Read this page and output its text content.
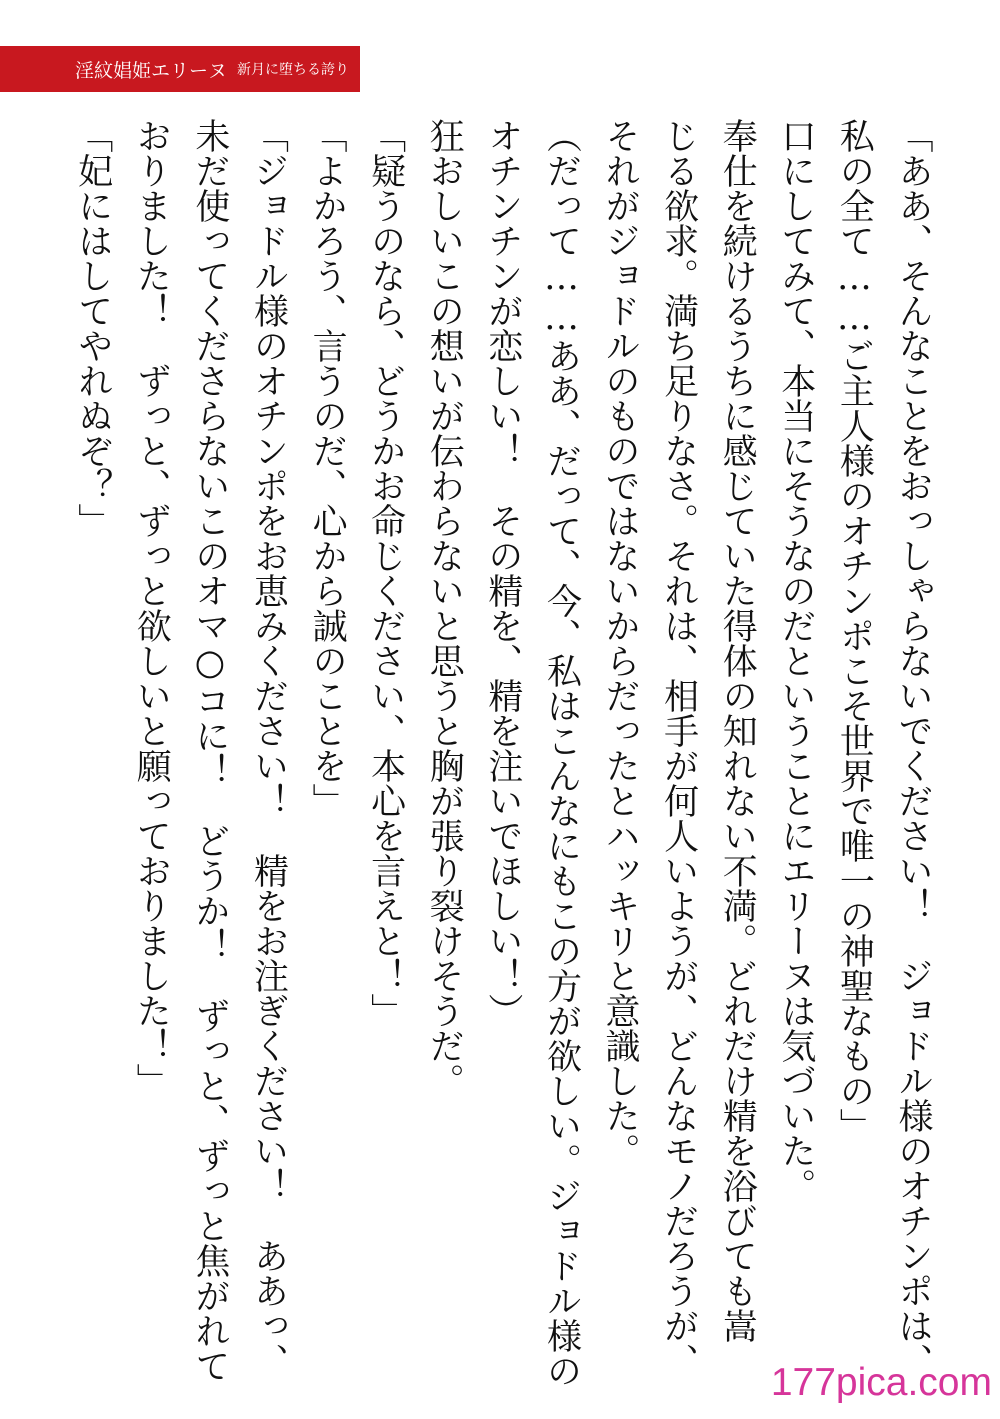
淫紋娼姫エリーヌ 新月に堕ちる誇り
「ああ、そんなことをおっしゃらないでください！　ジョドル様のオチンポは、
私の全て……ご主人様のオチンポこそ世界で唯一の神聖なもの」
口にしてみて、本当にそうなのだということにエリーヌは気づいた。
奉仕を続けるうちに感じていた得体の知れない不満。どれだけ精を浴びても嵩
じる欲求。満ち足りなさ。それは、相手が何人いようが、どんなモノだろうが、
それがジョドルのものではないからだったとハッキリと意識した。
（だって……ああ、だって、今、私はこんなにもこの方が欲しい。ジョドル様の
オチンチンが恋しい！　その精を、精を注いでほしい！）
狂おしいこの想いが伝わらないと思うと胸が張り裂けそうだ。
「疑うのなら、どうかお命じください、本心を言えと！」
「よかろう、言うのだ、心から誠のことを」
「ジョドル様のオチンポをお恵みください！　精をお注ぎください！　ああっ、
未だ使ってくださらないこのオマ○コに！　どうか！　ずっと、ずっと焦がれて
おりました！　ずっと、ずっと欲しいと願っておりました！」
「妃にはしてやれぬぞ？」
177pica.com
